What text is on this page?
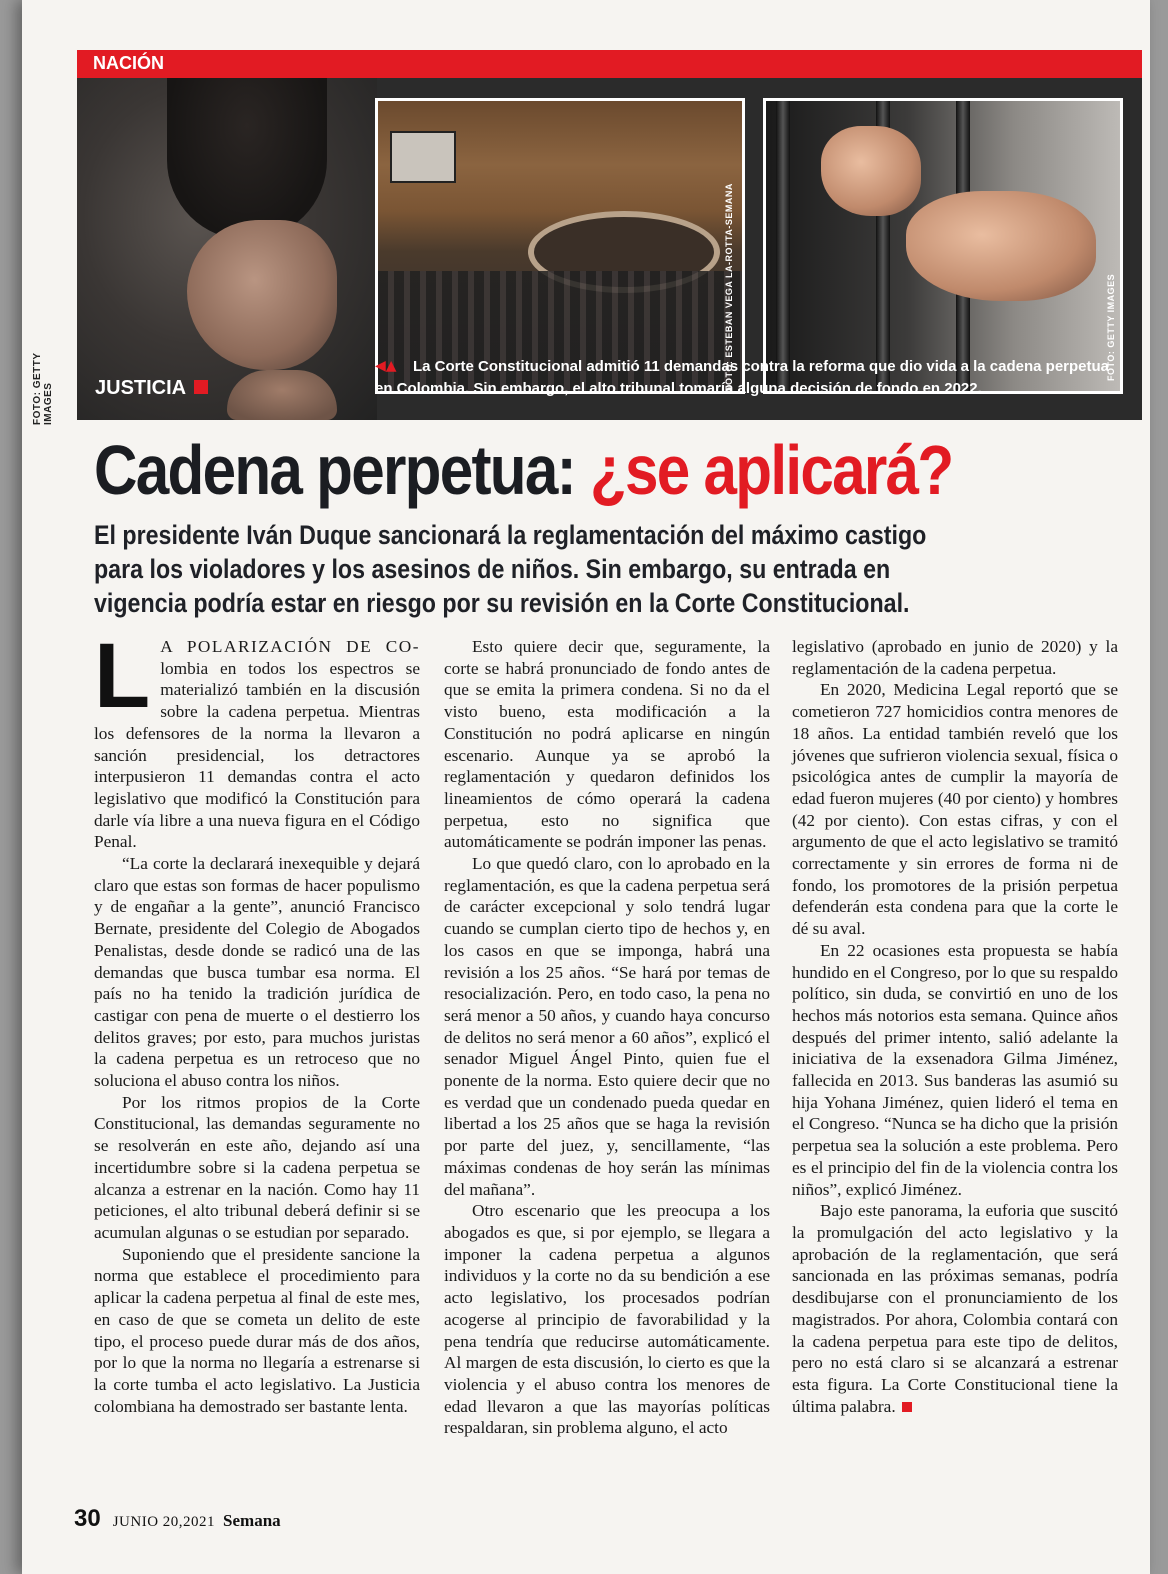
FOTO: GETTY IMAGES
NACIÓN
FOTO: ESTEBAN VEGA LA-ROTTA-SEMANA	FOTO: GETTY IMAGES
◀▲	La Corte Constitucional admitió 11 demandas contra la reforma que dio vida a la cadena perpetua en Colombia. Sin embargo, el alto tribunal tomaría alguna decisión de fondo en 2022.
JUSTICIA
Cadena perpetua: ¿se aplicará?
El presidente Iván Duque sancionará la reglamentación del máximo castigo
para los violadores y los asesinos de niños. Sin embargo, su entrada en
vigencia podría estar en riesgo por su revisión en la Corte Constitucional.

L A POLARIZACIÓN DE CO- lombia en todos los espectros se materializó también en la discusión sobre la cadena perpetua. Mientras los defensores de la norma la llevaron a sanción presidencial, los detractores interpusieron 11 demandas contra el acto legislativo que modificó la Constitución para darle vía libre a una nueva figura en el Código Penal.

“La corte la declarará inexequible y dejará claro que estas son formas de hacer populismo y de engañar a la gente”, anunció Francisco Bernate, presidente del Colegio de Abogados Penalistas, desde donde se radicó una de las demandas que busca tumbar esa norma. El país no ha tenido la tradición jurídica de castigar con pena de muerte o el destierro los delitos graves; por esto, para muchos juristas la cadena perpetua es un retroceso que no soluciona el abuso contra los niños.

Por los ritmos propios de la Corte Constitucional, las demandas seguramente no se resolverán en este año, dejando así una incertidumbre sobre si la cadena perpetua se alcanza a estrenar en la nación. Como hay 11 peticiones, el alto tribunal deberá definir si se acumulan algunas o se estudian por separado.

Suponiendo que el presidente sancione la norma que establece el procedimiento para aplicar la cadena perpetua al final de este mes, en caso de que se cometa un delito de este tipo, el proceso puede durar más de dos años, por lo que la norma no llegaría a estrenarse si la corte tumba el acto legislativo. La Justicia colombiana ha demostrado ser bastante lenta.

Esto quiere decir que, seguramente, la corte se habrá pronunciado de fondo antes de que se emita la primera condena. Si no da el visto bueno, esta modificación a la Constitución no podrá aplicarse en ningún escenario. Aunque ya se aprobó la reglamentación y quedaron definidos los lineamientos de cómo operará la cadena perpetua, esto no significa que automáticamente se podrán imponer las penas.

Lo que quedó claro, con lo aprobado en la reglamentación, es que la cadena perpetua será de carácter excepcional y solo tendrá lugar cuando se cumplan cierto tipo de hechos y, en los casos en que se imponga, habrá una revisión a los 25 años. “Se hará por temas de resocialización. Pero, en todo caso, la pena no será menor a 50 años, y cuando haya concurso de delitos no será menor a 60 años”, explicó el senador Miguel Ángel Pinto, quien fue el ponente de la norma. Esto quiere decir que no es verdad que un condenado pueda quedar en libertad a los 25 años que se haga la revisión por parte del juez, y, sencillamente, “las máximas condenas de hoy serán las mínimas del mañana”.

Otro escenario que les preocupa a los abogados es que, si por ejemplo, se llegara a imponer la cadena perpetua a algunos individuos y la corte no da su bendición a ese acto legislativo, los procesados podrían acogerse al principio de favorabilidad y la pena tendría que reducirse automáticamente. Al margen de esta discusión, lo cierto es que la violencia y el abuso contra los menores de edad llevaron a que las mayorías políticas respaldaran, sin problema alguno, el acto

legislativo (aprobado en junio de 2020) y la reglamentación de la cadena perpetua.

En 2020, Medicina Legal reportó que se cometieron 727 homicidios contra menores de 18 años. La entidad también reveló que los jóvenes que sufrieron violencia sexual, física o psicológica antes de cumplir la mayoría de edad fueron mujeres (40 por ciento) y hombres (42 por ciento). Con estas cifras, y con el argumento de que el acto legislativo se tramitó correctamente y sin errores de forma ni de fondo, los promotores de la prisión perpetua defenderán esta condena para que la corte le dé su aval.

En 22 ocasiones esta propuesta se había hundido en el Congreso, por lo que su respaldo político, sin duda, se convirtió en uno de los hechos más notorios esta semana. Quince años después del primer intento, salió adelante la iniciativa de la exsenadora Gilma Jiménez, fallecida en 2013. Sus banderas las asumió su hija Yohana Jiménez, quien lideró el tema en el Congreso. “Nunca se ha dicho que la prisión perpetua sea la solución a este problema. Pero es el principio del fin de la violencia contra los niños”, explicó Jiménez.

Bajo este panorama, la euforia que suscitó la promulgación del acto legislativo y la aprobación de la reglamentación, que será sancionada en las próximas semanas, podría desdibujarse con el pronunciamiento de los magistrados. Por ahora, Colombia contará con la cadena perpetua para este tipo de delitos, pero no está claro si se alcanzará a estrenar esta figura. La Corte Constitucional tiene la última palabra.

30 JUNIO 20,2021 Semana
